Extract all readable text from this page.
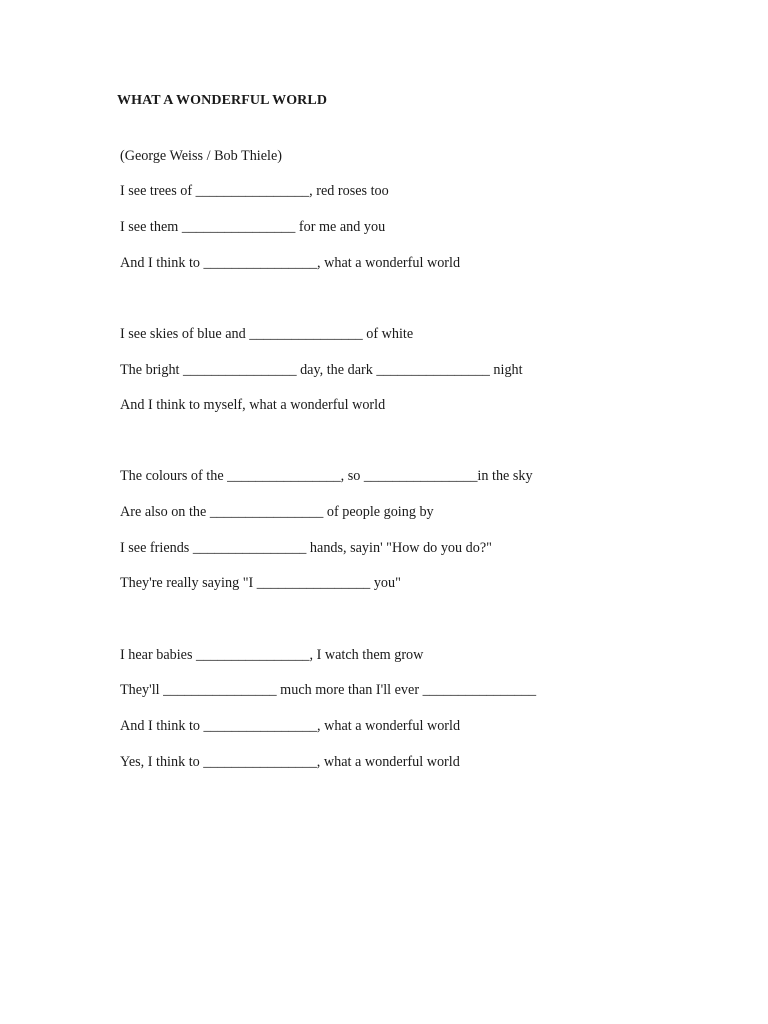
WHAT A WONDERFUL WORLD
(George Weiss / Bob Thiele)
I see trees of ________________, red roses too
I see them ________________ for me and you
And I think to ________________, what a wonderful world
I see skies of blue and ________________ of white
The bright ________________ day, the dark ________________ night
And I think to myself, what a wonderful world
The colours of the ________________, so ________________in the sky
Are also on the ________________ of people going by
I see friends ________________ hands, sayin' "How do you do?"
They're really saying "I ________________ you"
I hear babies ________________, I watch them grow
They'll ________________ much more than I'll ever ________________
And I think to ________________, what a wonderful world
Yes, I think to ________________, what a wonderful world
